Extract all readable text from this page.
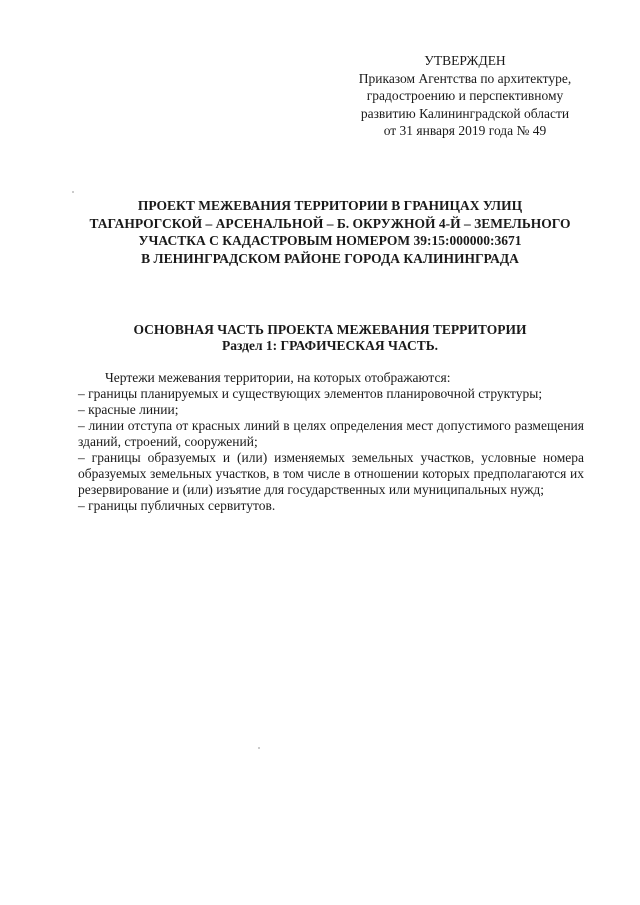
УТВЕРЖДЕН
Приказом Агентства по архитектуре,
градостроению и перспективному
развитию Калининградской области
от 31 января 2019 года № 49
ПРОЕКТ МЕЖЕВАНИЯ ТЕРРИТОРИИ В ГРАНИЦАХ УЛИЦ
ТАГАНРОГСКОЙ – АРСЕНАЛЬНОЙ – Б. ОКРУЖНОЙ 4-Й – ЗЕМЕЛЬНОГО
УЧАСТКА С КАДАСТРОВЫМ НОМЕРОМ 39:15:000000:3671
В ЛЕНИНГРАДСКОМ РАЙОНЕ ГОРОДА КАЛИНИНГРАДА
ОСНОВНАЯ ЧАСТЬ ПРОЕКТА МЕЖЕВАНИЯ ТЕРРИТОРИИ
Раздел 1: ГРАФИЧЕСКАЯ ЧАСТЬ.

Чертежи межевания территории, на которых отображаются:

– границы планируемых и существующих элементов планировочной структуры;

– красные линии;

– линии отступа от красных линий в целях определения мест допустимого размещения зданий, строений, сооружений;

– границы образуемых и (или) изменяемых земельных участков, условные номера образуемых земельных участков, в том числе в отношении которых предполагаются их резервирование и (или) изъятие для государственных или муниципальных нужд;

– границы публичных сервитутов.
